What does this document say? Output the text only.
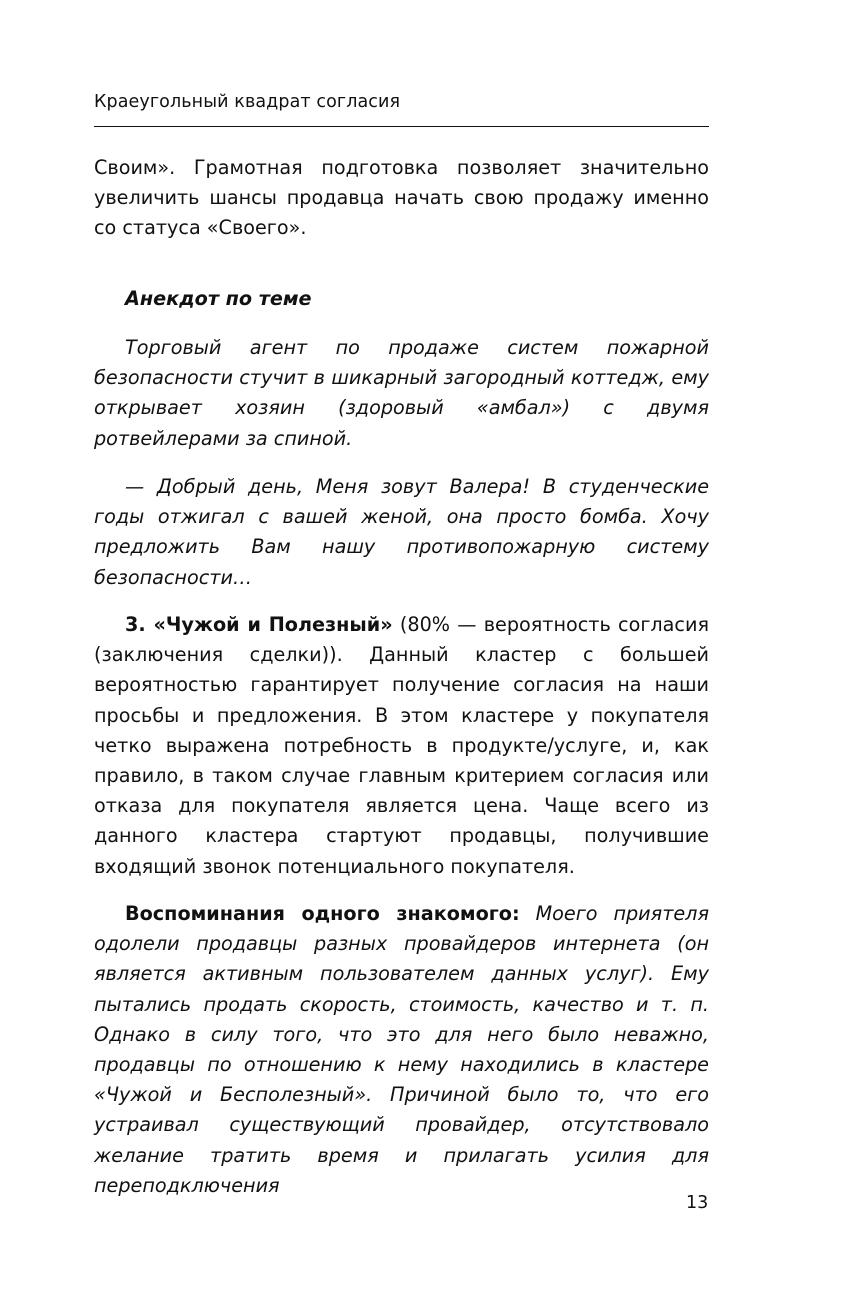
Краеугольный квадрат согласия

Своим». Грамотная подготовка позволяет значительно увеличить шансы продавца начать свою продажу именно со статуса «Своего».

Анекдот по теме

Торговый агент по продаже систем пожарной безопасности стучит в шикарный загородный коттедж, ему открывает хозяин (здоровый «амбал») с двумя ротвейлерами за спиной.

— Добрый день, Меня зовут Валера! В студенческие годы отжигал с вашей женой, она просто бомба. Хочу предложить Вам нашу противопожарную систему безопасности…

3. «Чужой и Полезный» (80% — вероятность согласия (заключения сделки)). Данный кластер с большей вероятностью гарантирует получение согласия на наши просьбы и предложения. В этом кластере у покупателя четко выражена потребность в продукте/услуге, и, как правило, в таком случае главным критерием согласия или отказа для покупателя является цена. Чаще всего из данного кластера стартуют продавцы, получившие входящий звонок потенциального покупателя.

Воспоминания одного знакомого: Моего приятеля одолели продавцы разных провайдеров интернета (он является активным пользователем данных услуг). Ему пытались продать скорость, стоимость, качество и т. п. Однако в силу того, что это для него было неважно, продавцы по отношению к нему находились в кластере «Чужой и Бесполезный». Причиной было то, что его устраивал существующий провайдер, отсутствовало желание тратить время и прилагать усилия для переподключения

13
